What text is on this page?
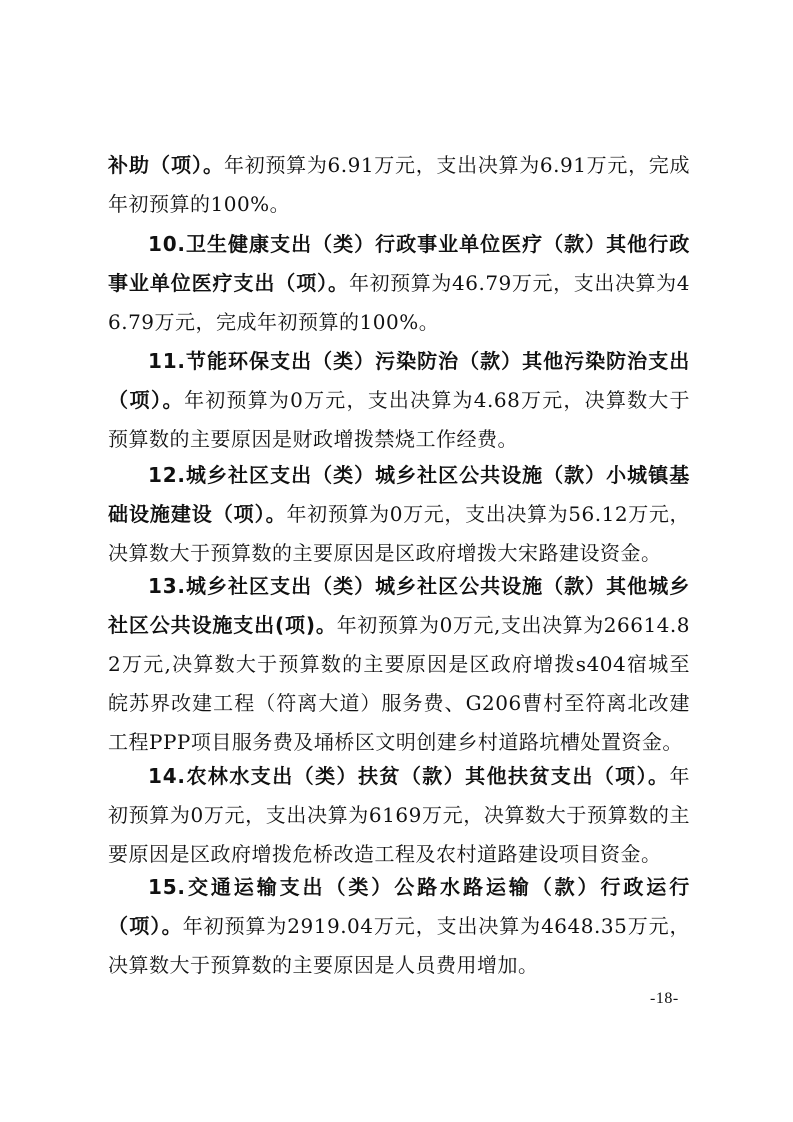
补助（项）。年初预算为6.91万元，支出决算为6.91万元，完成年初预算的100%。

10.卫生健康支出（类）行政事业单位医疗（款）其他行政事业单位医疗支出（项）。年初预算为46.79万元，支出决算为46.79万元，完成年初预算的100%。

11.节能环保支出（类）污染防治（款）其他污染防治支出（项）。年初预算为0万元，支出决算为4.68万元，决算数大于预算数的主要原因是财政增拨禁烧工作经费。

12.城乡社区支出（类）城乡社区公共设施（款）小城镇基础设施建设（项）。年初预算为0万元，支出决算为56.12万元，决算数大于预算数的主要原因是区政府增拨大宋路建设资金。

13.城乡社区支出（类）城乡社区公共设施（款）其他城乡社区公共设施支出(项)。年初预算为0万元,支出决算为26614.82万元,决算数大于预算数的主要原因是区政府增拨s404宿城至皖苏界改建工程（符离大道）服务费、G206曹村至符离北改建工程PPP项目服务费及埇桥区文明创建乡村道路坑槽处置资金。

14.农林水支出（类）扶贫（款）其他扶贫支出（项）。年初预算为0万元，支出决算为6169万元，决算数大于预算数的主要原因是区政府增拨危桥改造工程及农村道路建设项目资金。

15.交通运输支出（类）公路水路运输（款）行政运行（项）。年初预算为2919.04万元，支出决算为4648.35万元，决算数大于预算数的主要原因是人员费用增加。

-18-
